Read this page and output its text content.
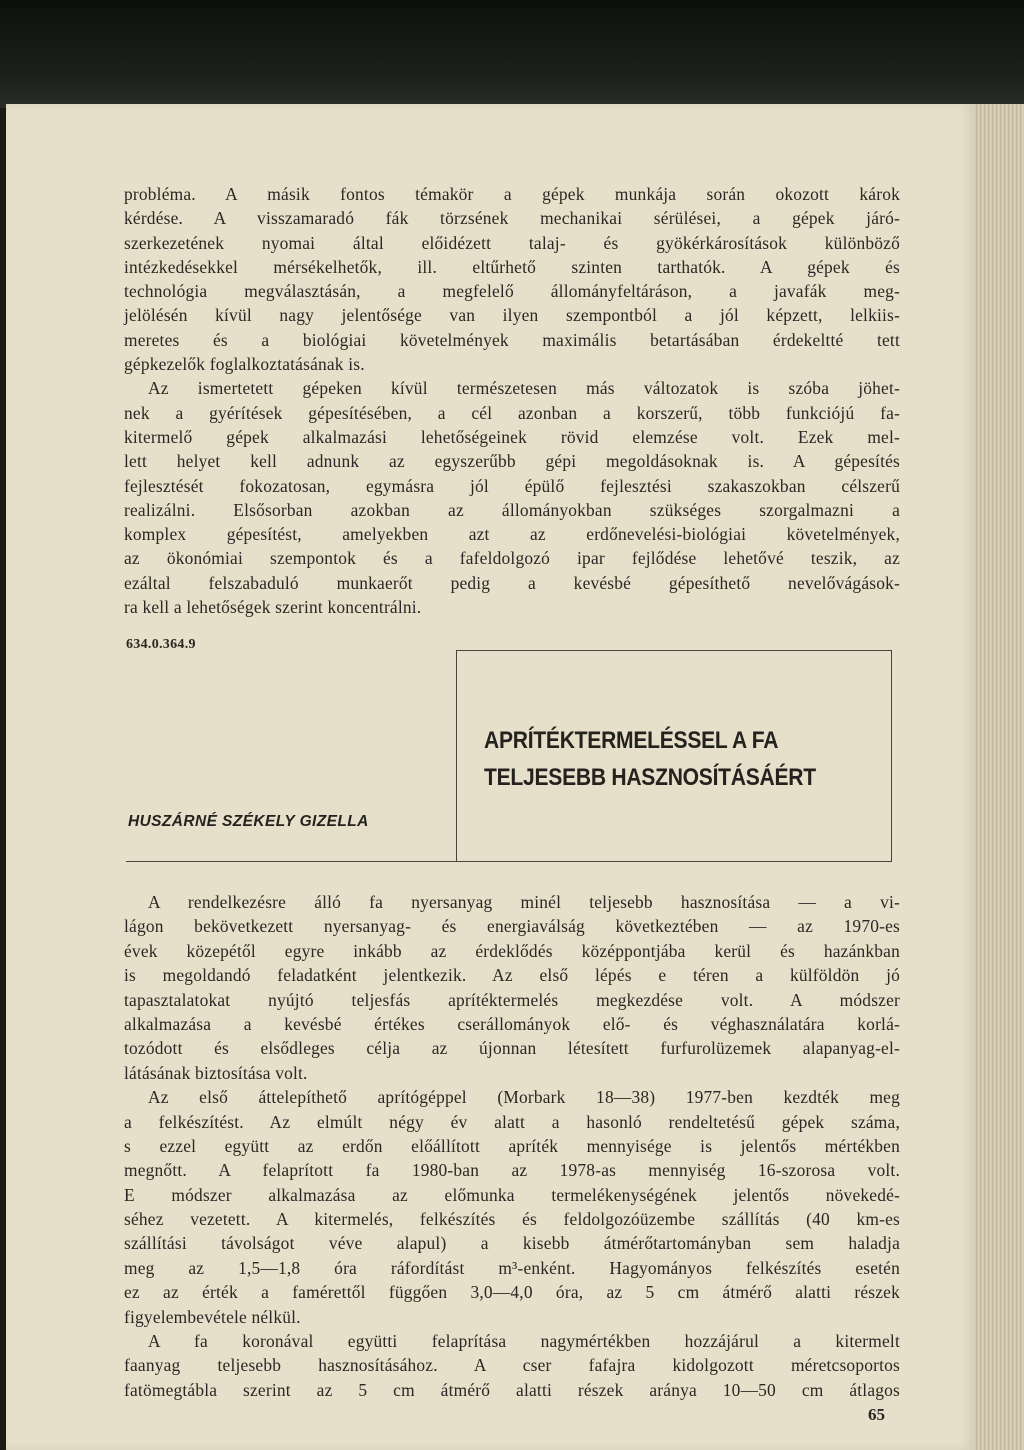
probléma. A másik fontos témakör a gépek munkája során okozott károk
kérdése. A visszamaradó fák törzsének mechanikai sérülései, a gépek járó-
szerkezetének nyomai által előidézett talaj- és gyökérkárosítások különböző
intézkedésekkel mérsékelhetők, ill. eltűrhető szinten tarthatók. A gépek és
technológia megválasztásán, a megfelelő állományfeltáráson, a javafák meg-
jelölésén kívül nagy jelentősége van ilyen szempontból a jól képzett, lelkiis-
meretes és a biológiai követelmények maximális betartásában érdekeltté tett
gépkezelők foglalkoztatásának is.
Az ismertetett gépeken kívül természetesen más változatok is szóba jöhet-
nek a gyérítések gépesítésében, a cél azonban a korszerű, több funkciójú fa-
kitermelő gépek alkalmazási lehetőségeinek rövid elemzése volt. Ezek mel-
lett helyet kell adnunk az egyszerűbb gépi megoldásoknak is. A gépesítés
fejlesztését fokozatosan, egymásra jól épülő fejlesztési szakaszokban célszerű
realizálni. Elsősorban azokban az állományokban szükséges szorgalmazni a
komplex gépesítést, amelyekben azt az erdőnevelési-biológiai követelmények,
az ökonómiai szempontok és a fafeldolgozó ipar fejlődése lehetővé teszik, az
ezáltal felszabaduló munkaerőt pedig a kevésbé gépesíthető nevelővágások-
ra kell a lehetőségek szerint koncentrálni.
634.0.364.9
APRÍTÉKTERMELÉSSEL A FA
TELJESEBB HASZNOSÍTÁSÁÉRT
HUSZÁRNÉ SZÉKELY GIZELLA
A rendelkezésre álló fa nyersanyag minél teljesebb hasznosítása — a vi-
lágon bekövetkezett nyersanyag- és energiaválság következtében — az 1970-es
évek közepétől egyre inkább az érdeklődés középpontjába kerül és hazánkban
is megoldandó feladatként jelentkezik. Az első lépés e téren a külföldön jó
tapasztalatokat nyújtó teljesfás aprítéktermelés megkezdése volt. A módszer
alkalmazása a kevésbé értékes cserállományok elő- és véghasználatára korlá-
tozódott és elsődleges célja az újonnan létesített furfurolüzemek alapanyag-el-
látásának biztosítása volt.
Az első áttelepíthető aprítógéppel (Morbark 18—38) 1977-ben kezdték meg
a felkészítést. Az elmúlt négy év alatt a hasonló rendeltetésű gépek száma,
s ezzel együtt az erdőn előállított apríték mennyisége is jelentős mértékben
megnőtt. A felaprított fa 1980-ban az 1978-as mennyiség 16-szorosa volt.
E módszer alkalmazása az előmunka termelékenységének jelentős növekedé-
séhez vezetett. A kitermelés, felkészítés és feldolgozóüzembe szállítás (40 km-es
szállítási távolságot véve alapul) a kisebb átmérőtartományban sem haladja
meg az 1,5—1,8 óra ráfordítást m³-enként. Hagyományos felkészítés esetén
ez az érték a famérettől függően 3,0—4,0 óra, az 5 cm átmérő alatti részek
figyelembevétele nélkül.
A fa koronával együtti felaprítása nagymértékben hozzájárul a kitermelt
faanyag teljesebb hasznosításához. A cser fafajra kidolgozott méretcsoportos
fatömegtábla szerint az 5 cm átmérő alatti részek aránya 10—50 cm átlagos
65
